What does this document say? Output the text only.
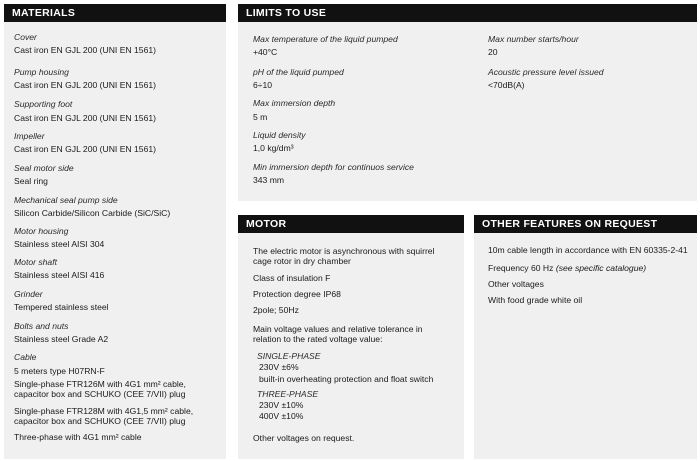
MATERIALS
Cover
Cast iron EN GJL 200 (UNI EN 1561)
Pump housing
Cast iron EN GJL 200 (UNI EN 1561)
Supporting foot
Cast iron EN GJL 200 (UNI EN 1561)
Impeller
Cast iron EN GJL 200 (UNI EN 1561)
Seal motor side
Seal ring
Mechanical seal pump side
Silicon Carbide/Silicon Carbide (SiC/SiC)
Motor housing
Stainless steel AISI 304
Motor shaft
Stainless steel AISI 416
Grinder
Tempered stainless steel
Bolts and nuts
Stainless steel Grade A2
Cable
5 meters type H07RN-F
Single-phase FTR126M with 4G1 mm² cable,
capacitor box and SCHUKO (CEE 7/VII) plug
Single-phase FTR128M with 4G1,5 mm² cable,
capacitor box and SCHUKO (CEE 7/VII) plug
Three-phase with 4G1 mm² cable
LIMITS TO USE
Max temperature of the liquid pumped
+40°C
pH of the liquid pumped
6÷10
Max immersion depth
5 m
Liquid density
1,0 kg/dm³
Min immersion depth for continuos service
343 mm
Max number starts/hour
20
Acoustic pressure level issued
<70dB(A)
MOTOR
The electric motor is asynchronous with squirrel
cage rotor in dry chamber
Class of insulation F
Protection degree IP68
2pole; 50Hz
Main voltage values and relative tolerance in
relation to the rated voltage value:
SINGLE-PHASE
230V ±6%
built-in overheating protection and float switch
THREE-PHASE
230V ±10%
400V ±10%
Other voltages on request.
OTHER FEATURES ON REQUEST
10m cable length in accordance with EN 60335-2-41
Frequency 60 Hz (see specific catalogue)
Other voltages
With food grade white oil
